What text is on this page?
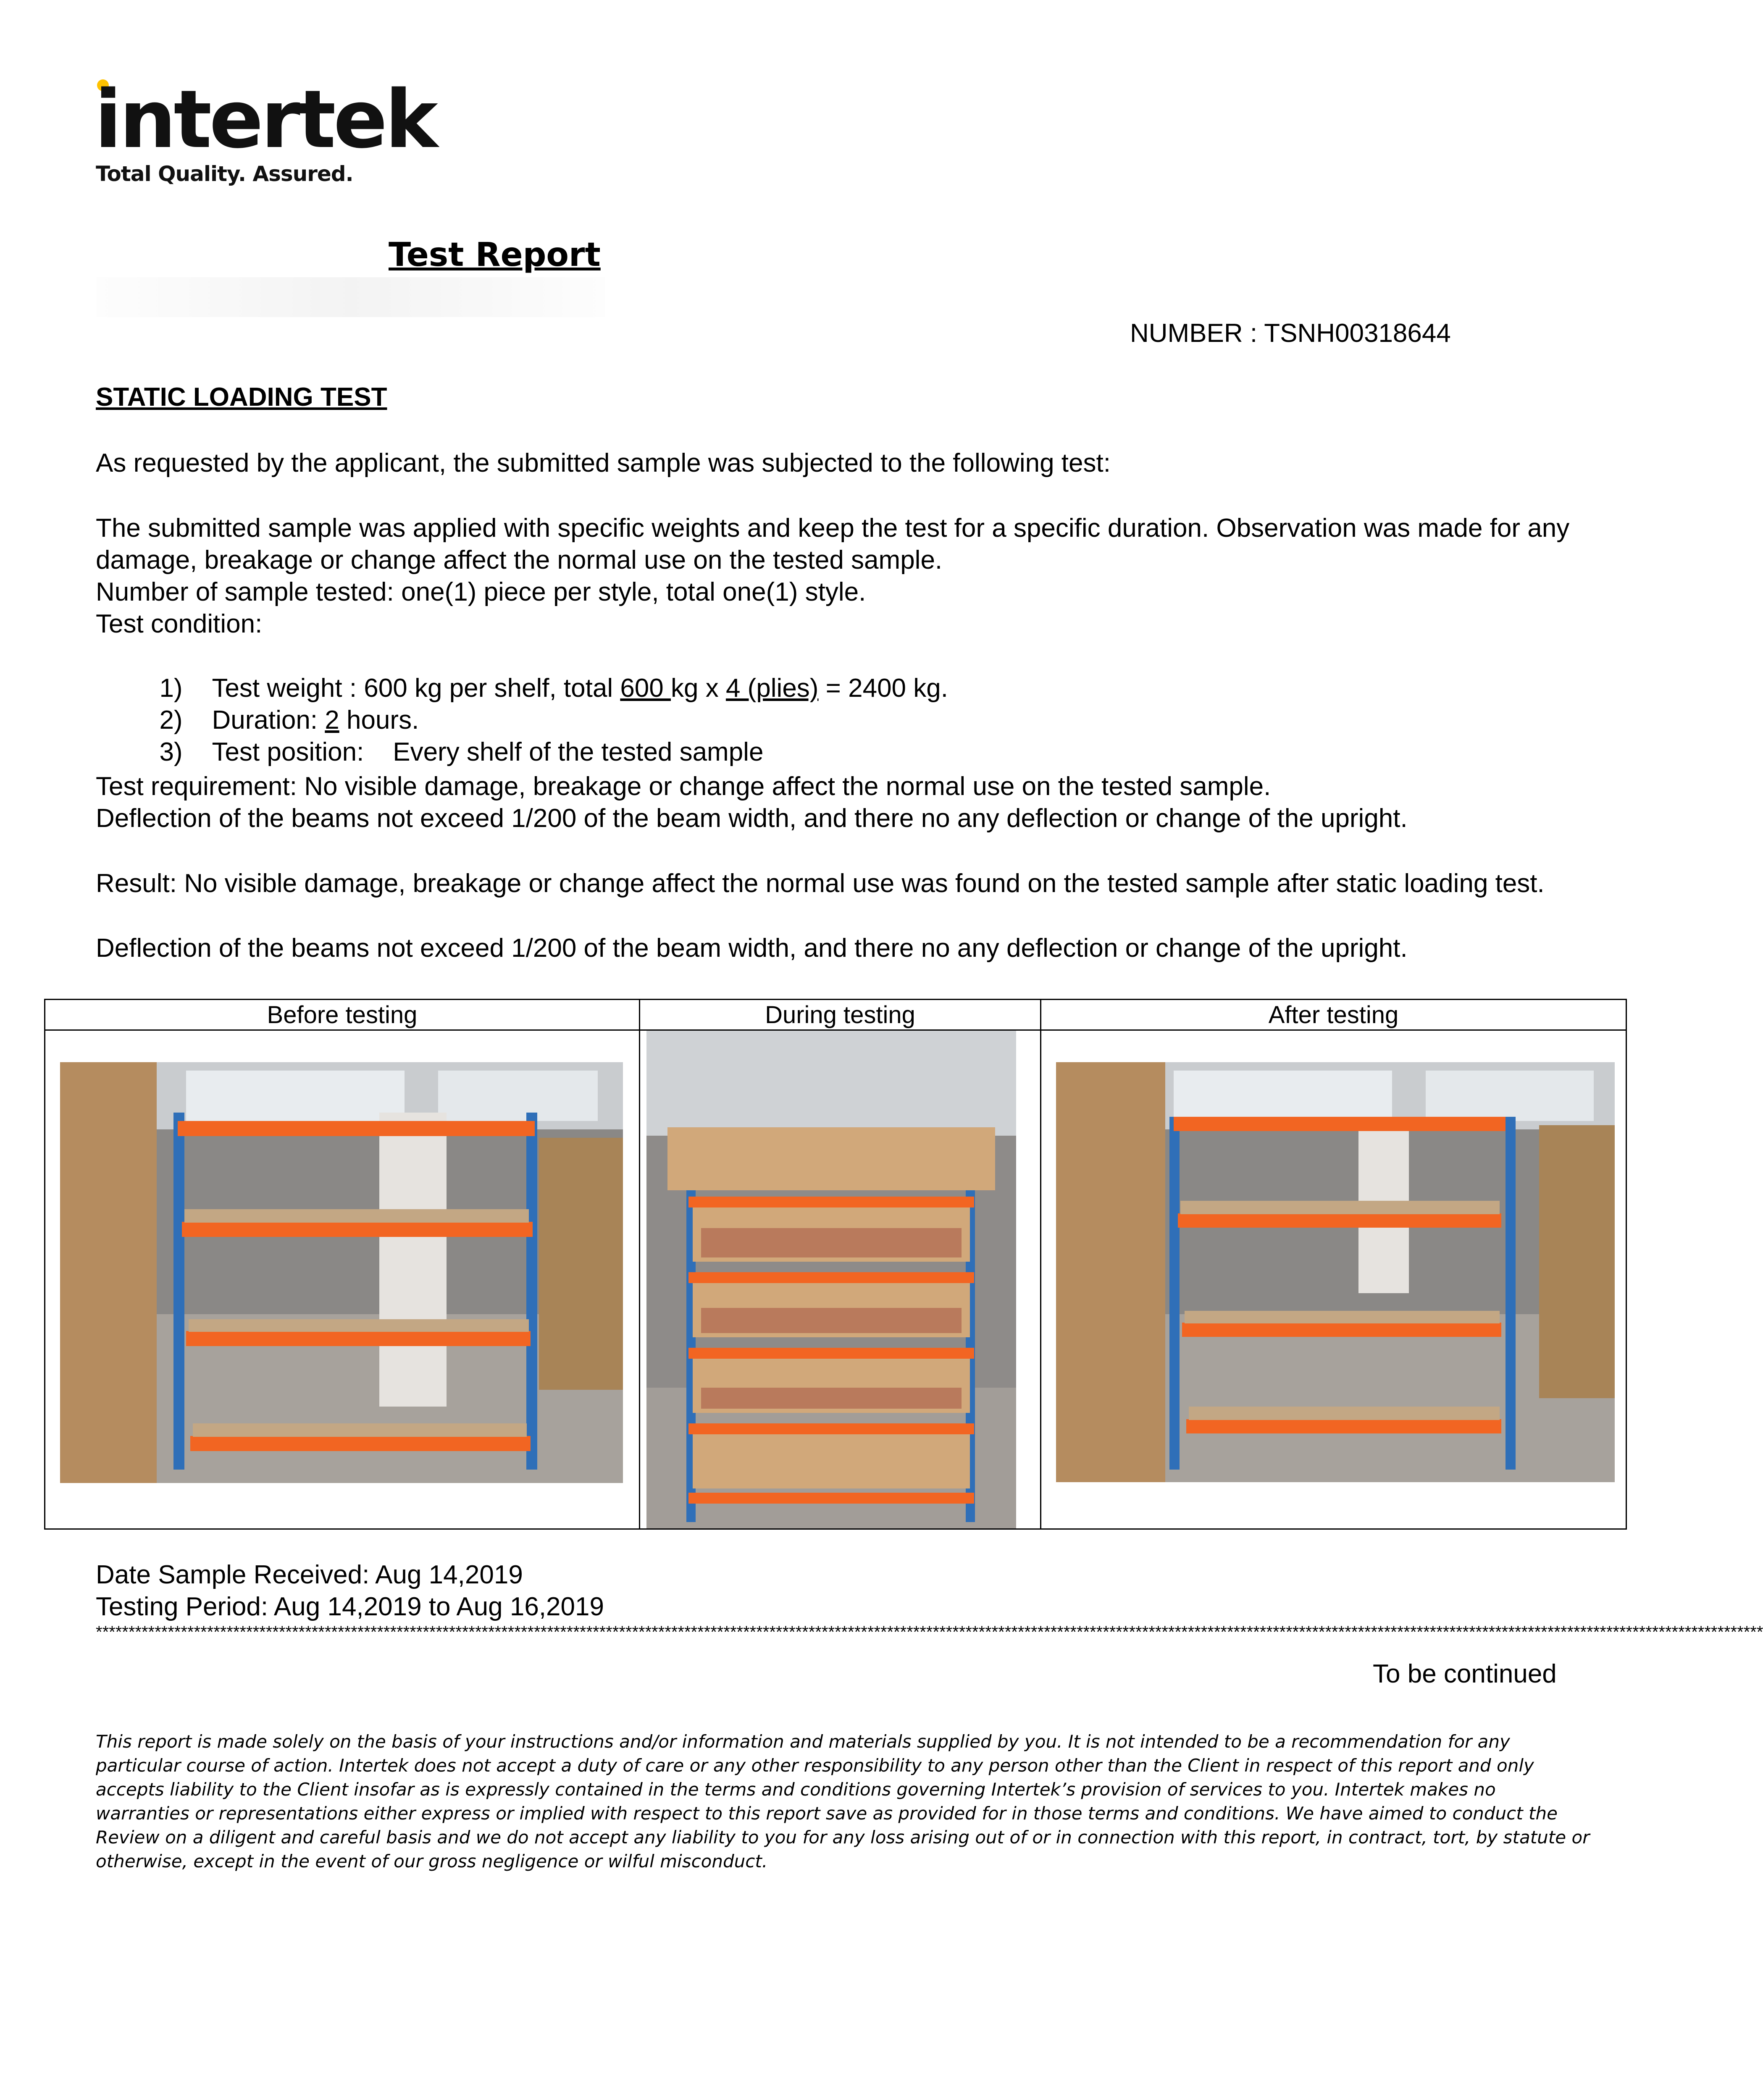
intertek
Total Quality. Assured.
Test Report
NUMBER : TSNH00318644
STATIC LOADING TEST
As requested by the applicant, the submitted sample was subjected to the following test:
The submitted sample was applied with specific weights and keep the test for a specific duration. Observation was made for any damage, breakage or change affect the normal use on the tested sample.
Number of sample tested: one(1) piece per style, total one(1) style.
Test condition:

1) Test weight : 600 kg per shelf, total 600 kg x 4 (plies) = 2400 kg.

2) Duration: 2 hours.

3) Test position:    Every shelf of the tested sample

Test requirement: No visible damage, breakage or change affect the normal use on the tested sample.
Deflection of the beams not exceed 1/200 of the beam width, and there no any deflection or change of the upright.
Result: No visible damage, breakage or change affect the normal use was found on the tested sample after static loading test.
Deflection of the beams not exceed 1/200 of the beam width, and there no any deflection or change of the upright.
Before testing	During testing	After testing

Date Sample Received: Aug 14,2019
Testing Period: Aug 14,2019 to Aug 16,2019
***************************************************************************************************************************************************************************************************************************************************************
To be continued
This report is made solely on the basis of your instructions and/or information and materials supplied by you. It is not intended to be a recommendation for any particular course of action. Intertek does not accept a duty of care or any other responsibility to any person other than the Client in respect of this report and only accepts liability to the Client insofar as is expressly contained in the terms and conditions governing Intertek’s provision of services to you. Intertek makes no warranties or representations either express or implied with respect to this report save as provided for in those terms and conditions. We have aimed to conduct the Review on a diligent and careful basis and we do not accept any liability to you for any loss arising out of or in connection with this report, in contract, tort, by statute or otherwise, except in the event of our gross negligence or wilful misconduct.
